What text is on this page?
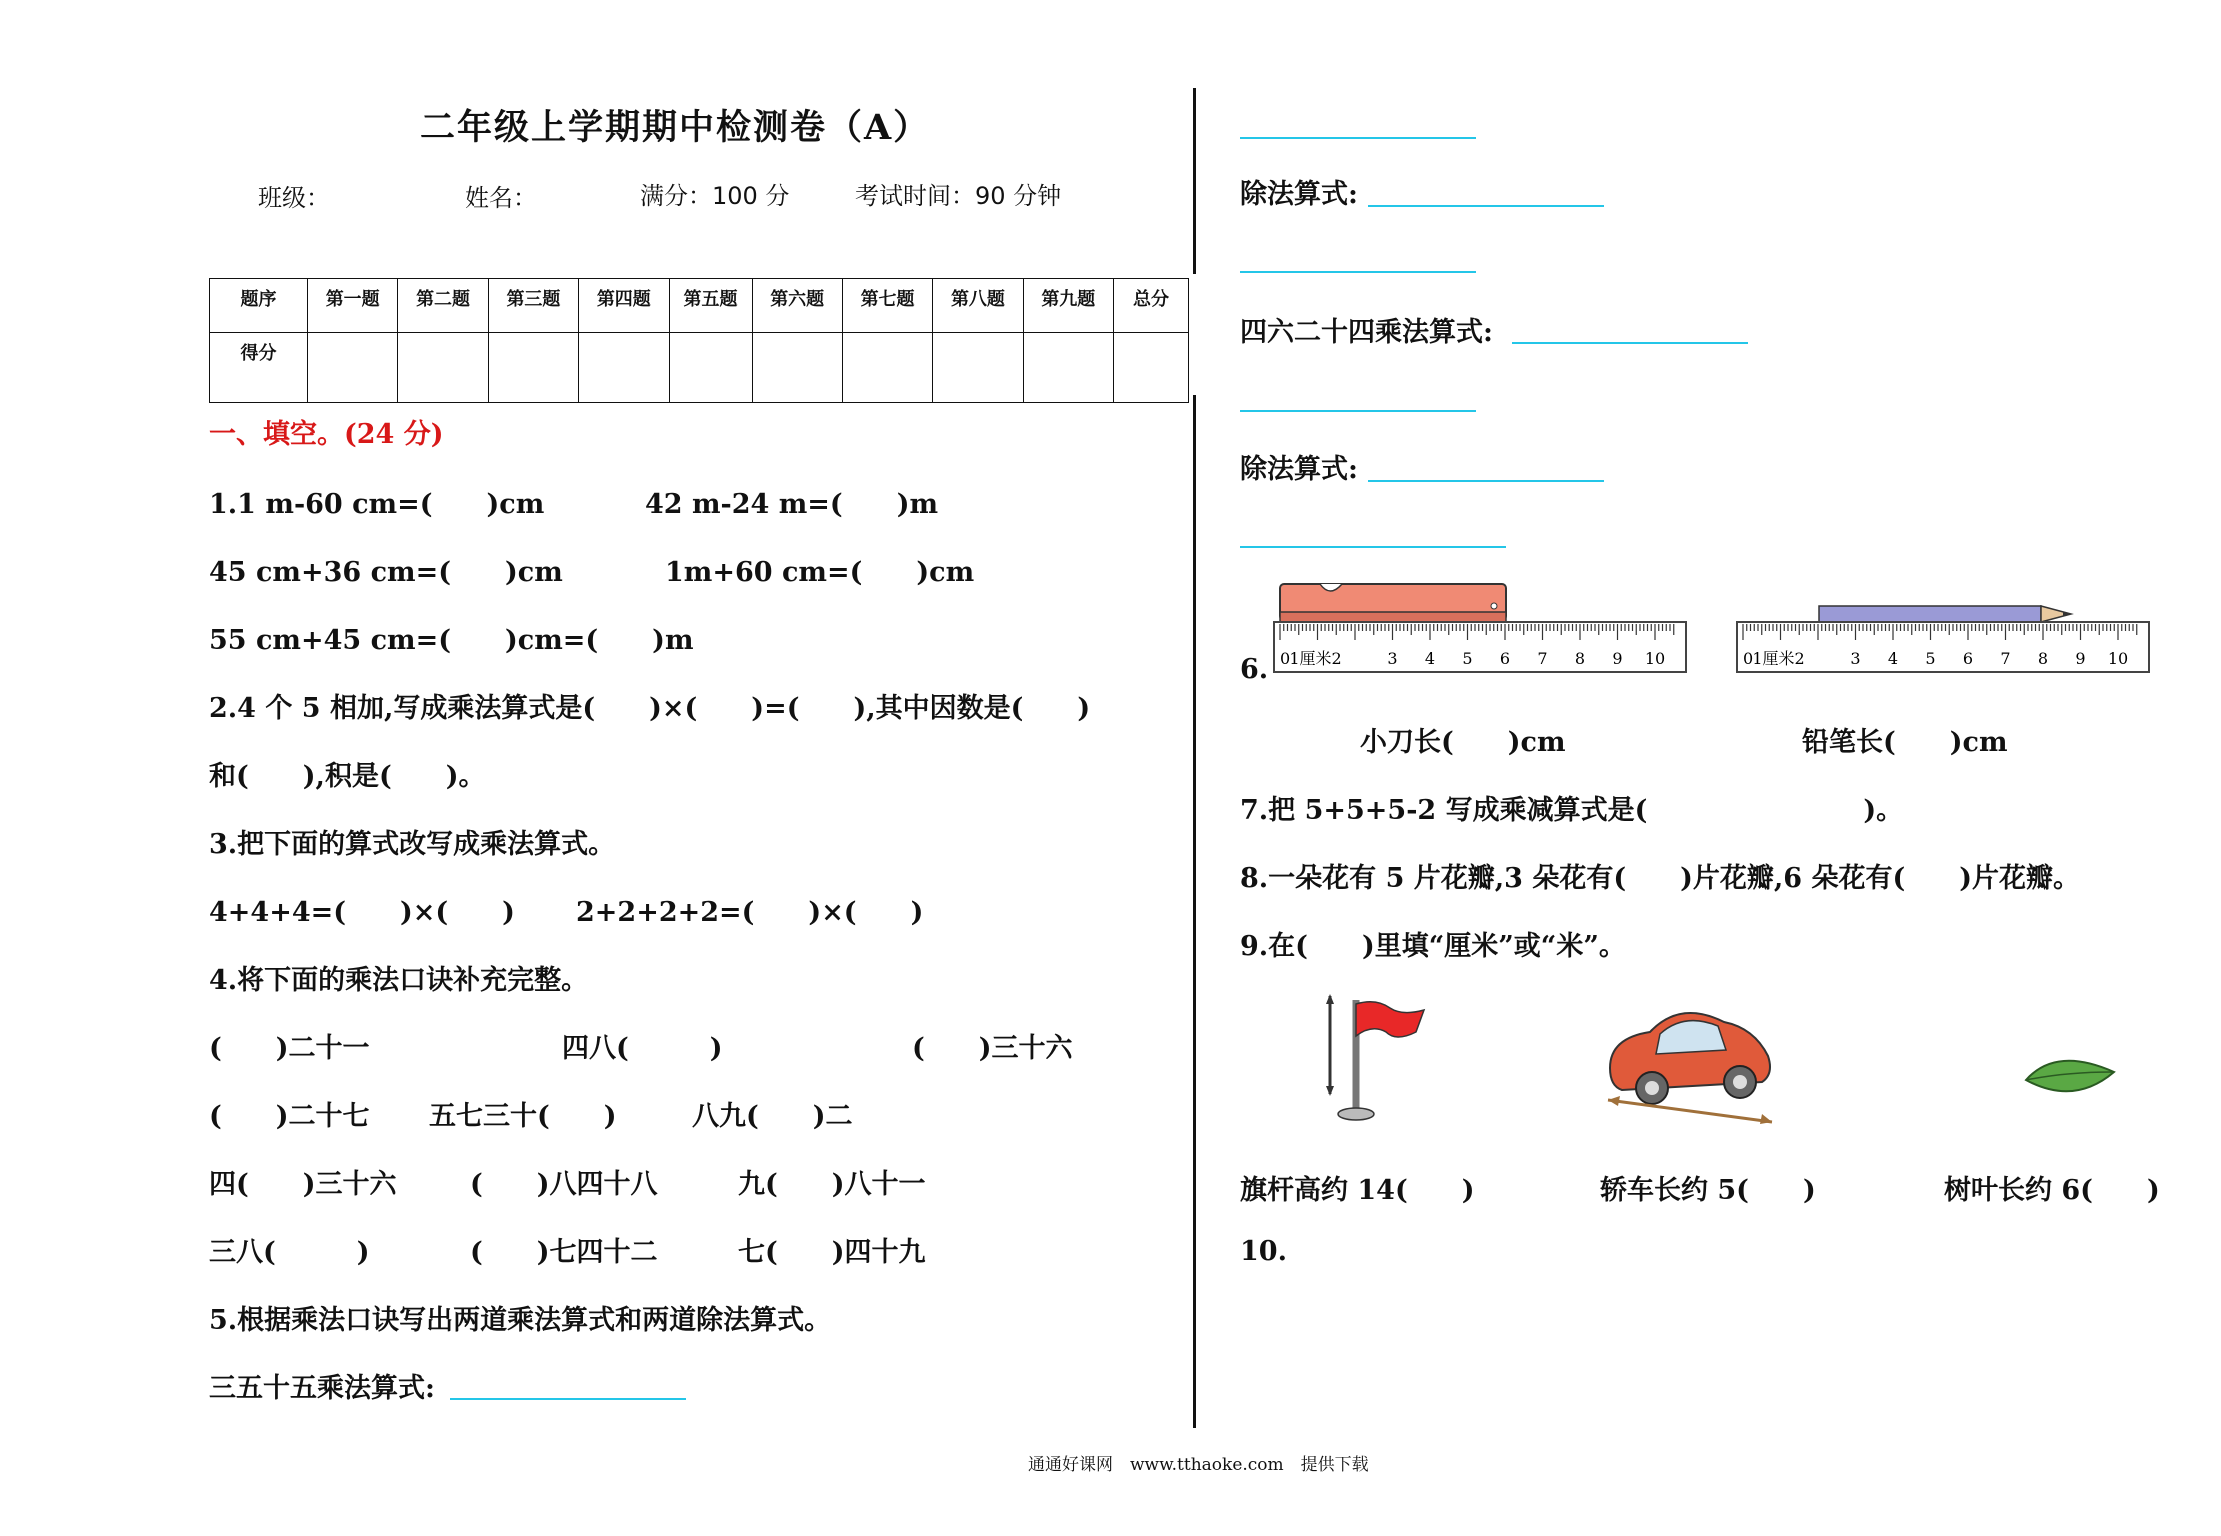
二年级上学期期中检测卷（A）
班级：	姓名：	满分：100 分	考试时间：90 分钟
题序	第一题	第二题	第三题	第四题	第五题	第六题	第七题	第八题	第九题	总分
得分										
一、填空。(24 分)
1.1 m-60 cm=(　　)cm	42 m-24 m=(　　)m
45 cm+36 cm=(　　)cm	1m+60 cm=(　　)cm
55 cm+45 cm=(　　)cm=(　　)m
2.4 个 5 相加,写成乘法算式是(　　)×(　　)=(　　),其中因数是(　　)
和(　　),积是(　　)。
3.把下面的算式改写成乘法算式。
4+4+4=(　　)×(　　) 2+2+2+2=(　　)×(　　)
4.将下面的乘法口诀补充完整。
(　　)二十一	四八(　　　)	(　　)三十六
(　　)二十七 五七三十(　　)	八九(　　)二
四(　　)三十六	(　　)八四十八	九(　　)八十一
三八(　　　)	(　　)七四十二	七(　　)四十九
5.根据乘法口诀写出两道乘法算式和两道除法算式。
三五十五乘法算式:
除法算式:
四六二十四乘法算式:
除法算式:
6. 0 1厘米2	3 4 5 6 7 8 9 10	0 1厘米2	3 4 5 6 7 8 9 10
小刀长(　　)cm	铅笔长(　　)cm
7.把 5+5+5-2 写成乘减算式是(　　　　　　　　)。
8.一朵花有 5 片花瓣,3 朵花有(　　)片花瓣,6 朵花有(　　)片花瓣。
9.在(　　)里填“厘米”或“米”。
旗杆高约 14(　　)	轿车长约 5(　　)	树叶长约 6(　　)
10.
通通好课网　www.tthaoke.com　提供下载
